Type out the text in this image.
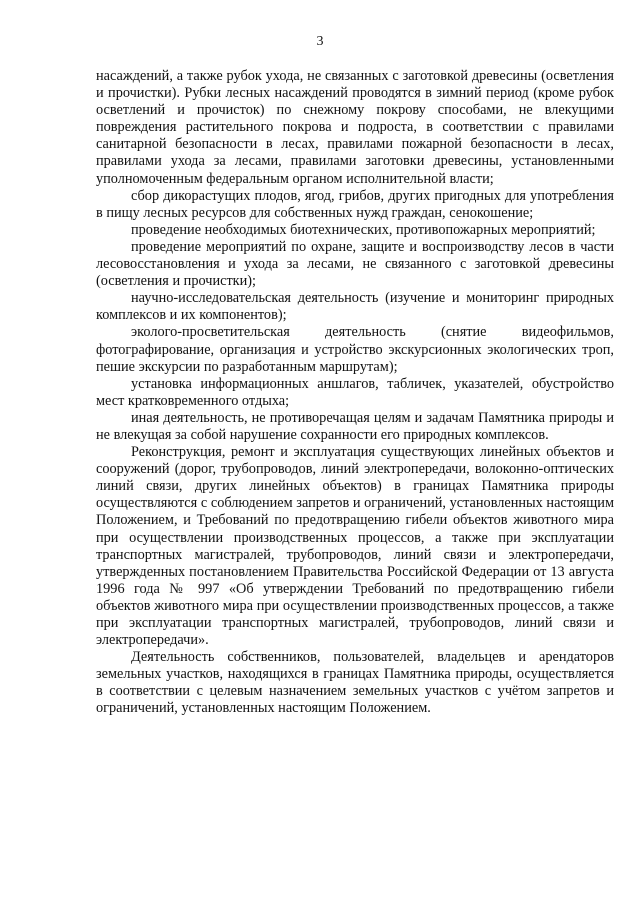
3

насаждений, а также рубок ухода, не связанных с заготовкой древесины (осветления и прочистки). Рубки лесных насаждений проводятся в зимний период (кроме рубок осветлений и прочисток) по снежному покрову способами, не влекущими повреждения растительного покрова и подроста, в соответствии с правилами санитарной безопасности в лесах, правилами пожарной безопасности в лесах, правилами ухода за лесами, правилами заготовки древесины, установленными уполномоченным федеральным органом исполнительной власти;

сбор дикорастущих плодов, ягод, грибов, других пригодных для употребления в пищу лесных ресурсов для собственных нужд граждан, сенокошение;

проведение необходимых биотехнических, противопожарных мероприятий;

проведение мероприятий по охране, защите и воспроизводству лесов в части лесовосстановления и ухода за лесами, не связанного с заготовкой древесины (осветления и прочистки);

научно-исследовательская деятельность (изучение и мониторинг природных комплексов и их компонентов);

эколого-просветительская деятельность (снятие видеофильмов, фотографирование, организация и устройство экскурсионных экологических троп, пешие экскурсии по разработанным маршрутам);

установка информационных аншлагов, табличек, указателей, обустройство мест кратковременного отдыха;

иная деятельность, не противоречащая целям и задачам Памятника природы и не влекущая за собой нарушение сохранности его природных комплексов.

Реконструкция, ремонт и эксплуатация существующих линейных объектов и сооружений (дорог, трубопроводов, линий электропередачи, волоконно-оптических линий связи, других линейных объектов) в границах Памятника природы осуществляются с соблюдением запретов и ограничений, установленных настоящим Положением, и Требований по предотвращению гибели объектов животного мира при осуществлении производственных процессов, а также при эксплуатации транспортных магистралей, трубопроводов, линий связи и электропередачи, утвержденных постановлением Правительства Российской Федерации от 13 августа 1996 года № 997 «Об утверждении Требований по предотвращению гибели объектов животного мира при осуществлении производственных процессов, а также при эксплуатации транспортных магистралей, трубопроводов, линий связи и электропередачи».

Деятельность собственников, пользователей, владельцев и арендаторов земельных участков, находящихся в границах Памятника природы, осуществляется в соответствии с целевым назначением земельных участков с учётом запретов и ограничений, установленных настоящим Положением.
